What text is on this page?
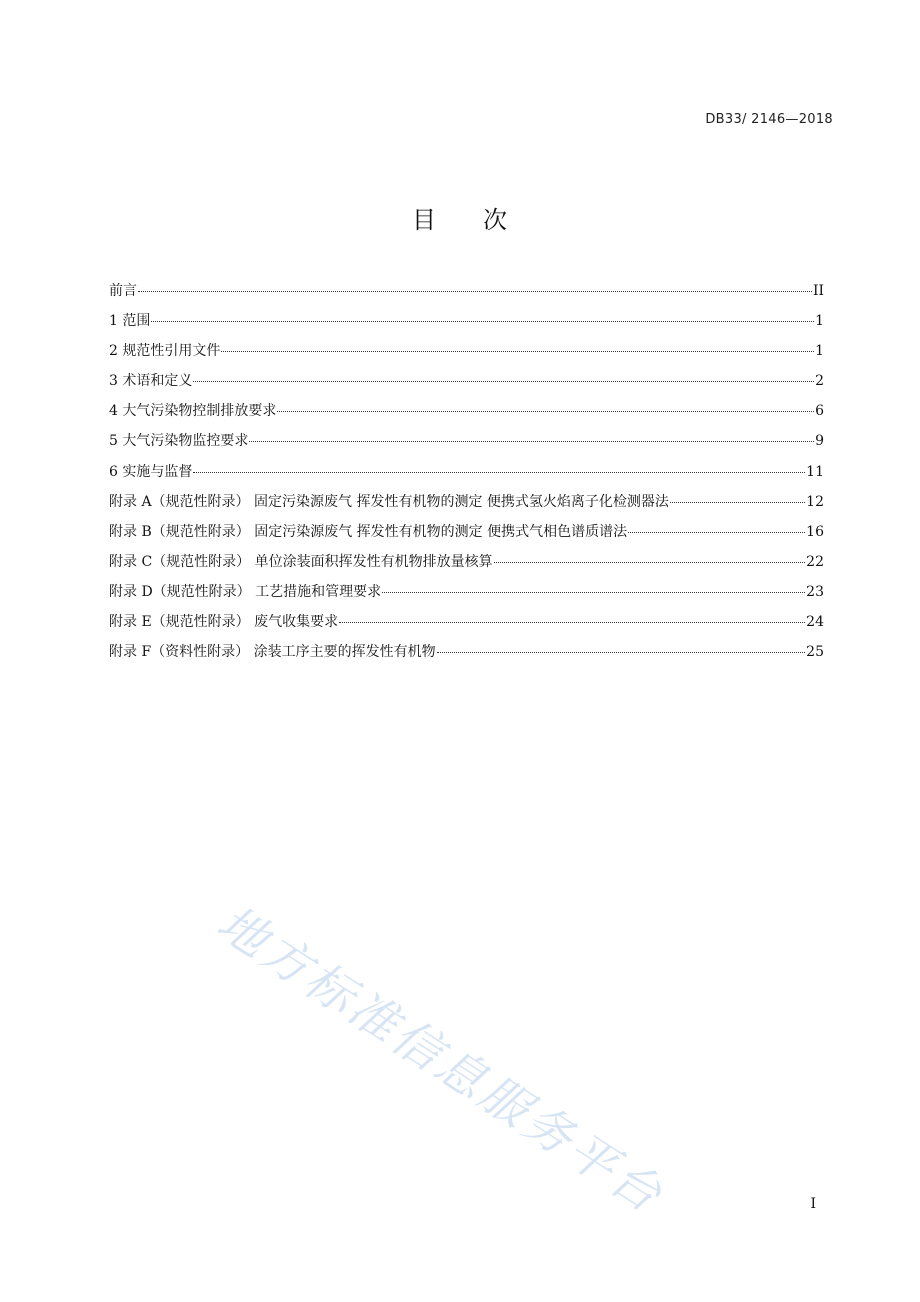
DB33/ 2146—2018
目 次
前言	II
1 范围	1
2 规范性引用文件	1
3 术语和定义	2
4 大气污染物控制排放要求	6
5 大气污染物监控要求	9
6 实施与监督	11
附录 A（规范性附录） 固定污染源废气 挥发性有机物的测定 便携式氢火焰离子化检测器法	12
附录 B（规范性附录） 固定污染源废气 挥发性有机物的测定 便携式气相色谱质谱法	16
附录 C（规范性附录） 单位涂装面积挥发性有机物排放量核算	22
附录 D（规范性附录） 工艺措施和管理要求	23
附录 E（规范性附录） 废气收集要求	24
附录 F（资料性附录） 涂装工序主要的挥发性有机物	25
地方标准信息服务平台	I
